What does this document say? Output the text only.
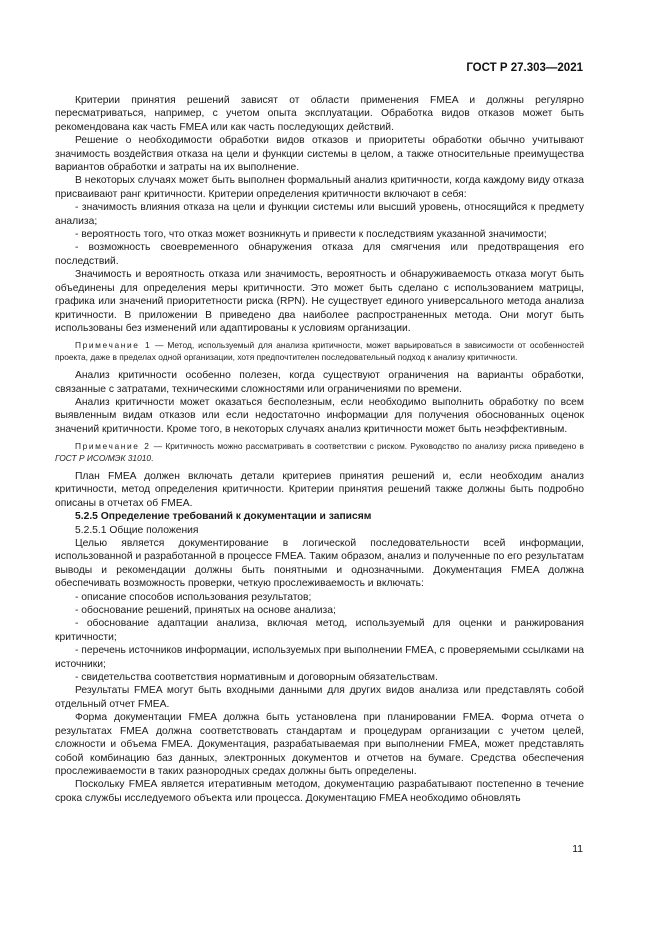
ГОСТ Р 27.303—2021

Критерии принятия решений зависят от области применения FMEA и должны регулярно пересматриваться, например, с учетом опыта эксплуатации. Обработка видов отказов может быть рекомендована как часть FMEA или как часть последующих действий.

Решение о необходимости обработки видов отказов и приоритеты обработки обычно учитывают значимость воздействия отказа на цели и функции системы в целом, а также относительные преимущества вариантов обработки и затраты на их выполнение.

В некоторых случаях может быть выполнен формальный анализ критичности, когда каждому виду отказа присваивают ранг критичности. Критерии определения критичности включают в себя:

- значимость влияния отказа на цели и функции системы или высший уровень, относящийся к предмету анализа;

- вероятность того, что отказ может возникнуть и привести к последствиям указанной значимости;

- возможность своевременного обнаружения отказа для смягчения или предотвращения его последствий.

Значимость и вероятность отказа или значимость, вероятность и обнаруживаемость отказа могут быть объединены для определения меры критичности. Это может быть сделано с использованием матрицы, графика или значений приоритетности риска (RPN). Не существует единого универсального метода анализа критичности. В приложении В приведено два наиболее распространенных метода. Они могут быть использованы без изменений или адаптированы к условиям организации.

Примечание 1 — Метод, используемый для анализа критичности, может варьироваться в зависимости от особенностей проекта, даже в пределах одной организации, хотя предпочтителен последовательный подход к анализу критичности.

Анализ критичности особенно полезен, когда существуют ограничения на варианты обработки, связанные с затратами, техническими сложностями или ограничениями по времени.

Анализ критичности может оказаться бесполезным, если необходимо выполнить обработку по всем выявленным видам отказов или если недостаточно информации для получения обоснованных оценок значений критичности. Кроме того, в некоторых случаях анализ критичности может быть неэффективным.

Примечание 2 — Критичность можно рассматривать в соответствии с риском. Руководство по анализу риска приведено в ГОСТ Р ИСО/МЭК 31010.

План FMEA должен включать детали критериев принятия решений и, если необходим анализ критичности, метод определения критичности. Критерии принятия решений также должны быть подробно описаны в отчетах об FMEA.

5.2.5 Определение требований к документации и записям

5.2.5.1 Общие положения

Целью является документирование в логической последовательности всей информации, использованной и разработанной в процессе FMEA. Таким образом, анализ и полученные по его результатам выводы и рекомендации должны быть понятными и однозначными. Документация FMEA должна обеспечивать возможность проверки, четкую прослеживаемость и включать:

- описание способов использования результатов;

- обоснование решений, принятых на основе анализа;

- обоснование адаптации анализа, включая метод, используемый для оценки и ранжирования критичности;

- перечень источников информации, используемых при выполнении FMEA, с проверяемыми ссылками на источники;

- свидетельства соответствия нормативным и договорным обязательствам.

Результаты FMEA могут быть входными данными для других видов анализа или представлять собой отдельный отчет FMEA.

Форма документации FMEA должна быть установлена при планировании FMEA. Форма отчета о результатах FMEA должна соответствовать стандартам и процедурам организации с учетом целей, сложности и объема FMEA. Документация, разрабатываемая при выполнении FMEA, может представлять собой комбинацию баз данных, электронных документов и отчетов на бумаге. Средства обеспечения прослеживаемости в таких разнородных средах должны быть определены.

Поскольку FMEA является итеративным методом, документацию разрабатывают постепенно в течение срока службы исследуемого объекта или процесса. Документацию FMEA необходимо обновлять

11
